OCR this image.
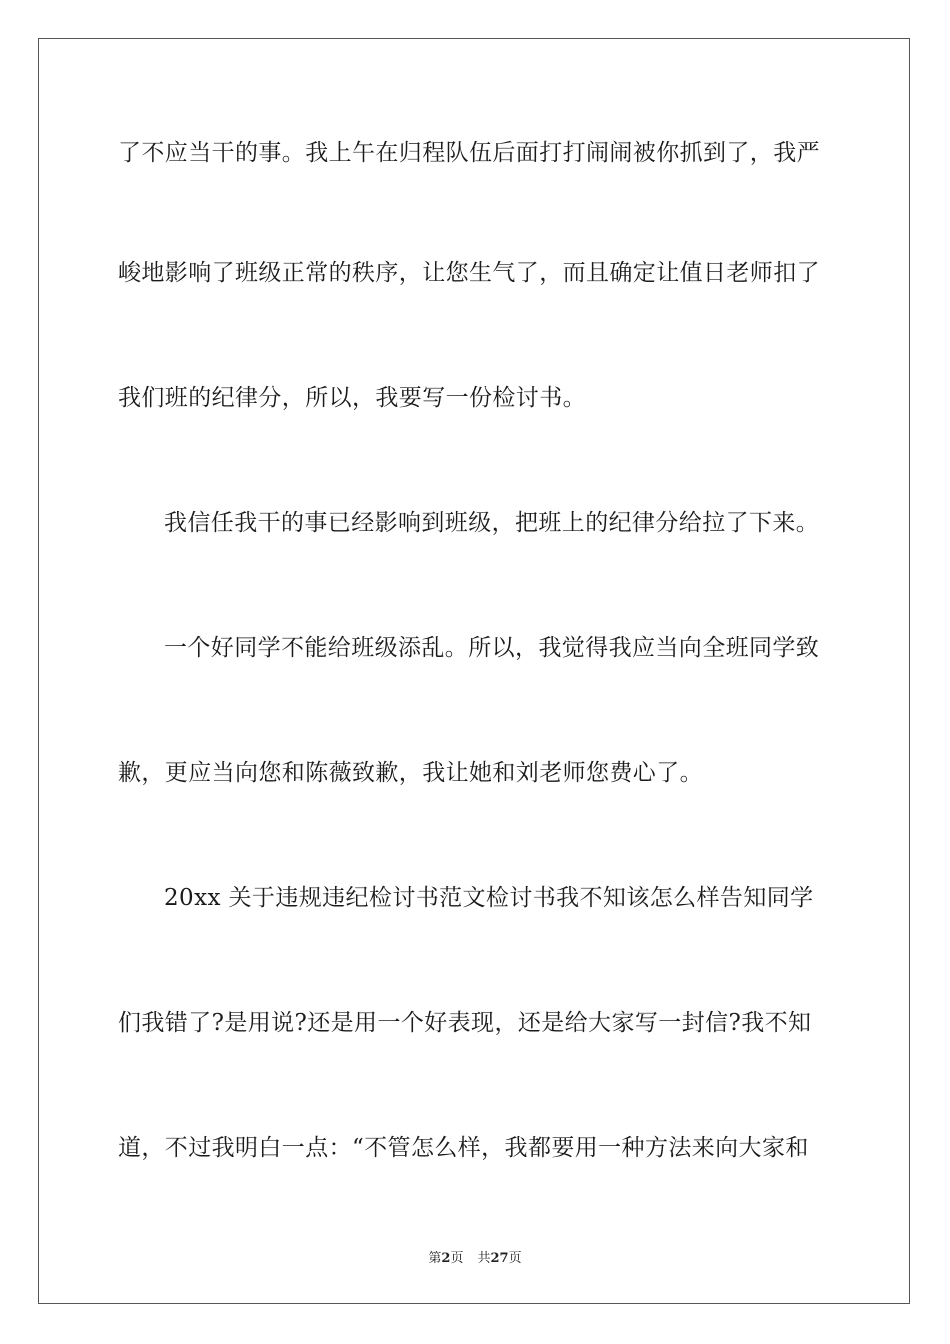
了不应当干的事。我上午在归程队伍后面打打闹闹被你抓到了，我严
峻地影响了班级正常的秩序，让您生气了，而且确定让值日老师扣了
我们班的纪律分，所以，我要写一份检讨书。
我信任我干的事已经影响到班级，把班上的纪律分给拉了下来。
一个好同学不能给班级添乱。所以，我觉得我应当向全班同学致
歉，更应当向您和陈薇致歉，我让她和刘老师您费心了。
20xx 关于违规违纪检讨书范文检讨书我不知该怎么样告知同学
们我错了?是用说?还是用一个好表现，还是给大家写一封信?我不知
道，不过我明白一点：“不管怎么样，我都要用一种方法来向大家和
第2页 共27页
